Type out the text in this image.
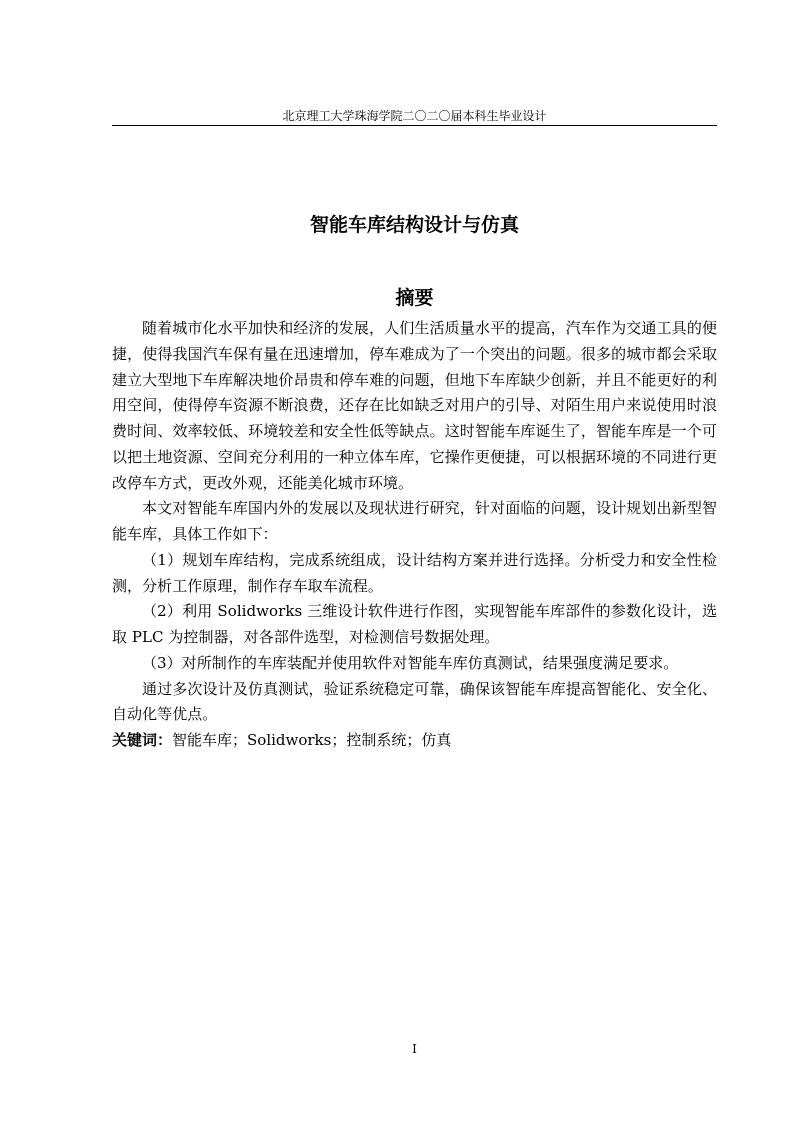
北京理工大学珠海学院二〇二〇届本科生毕业设计
智能车库结构设计与仿真
摘要

随着城市化水平加快和经济的发展，人们生活质量水平的提高，汽车作为交通工具的便捷，使得我国汽车保有量在迅速增加，停车难成为了一个突出的问题。很多的城市都会采取建立大型地下车库解决地价昂贵和停车难的问题，但地下车库缺少创新，并且不能更好的利用空间，使得停车资源不断浪费，还存在比如缺乏对用户的引导、对陌生用户来说使用时浪费时间、效率较低、环境较差和安全性低等缺点。这时智能车库诞生了，智能车库是一个可以把土地资源、空间充分利用的一种立体车库，它操作更便捷，可以根据环境的不同进行更改停车方式，更改外观，还能美化城市环境。

本文对智能车库国内外的发展以及现状进行研究，针对面临的问题，设计规划出新型智能车库，具体工作如下：

（1）规划车库结构，完成系统组成，设计结构方案并进行选择。分析受力和安全性检测，分析工作原理，制作存车取车流程。

（2）利用 Solidworks 三维设计软件进行作图，实现智能车库部件的参数化设计，选取 PLC 为控制器，对各部件选型，对检测信号数据处理。

（3）对所制作的车库装配并使用软件对智能车库仿真测试，结果强度满足要求。

通过多次设计及仿真测试，验证系统稳定可靠，确保该智能车库提高智能化、安全化、自动化等优点。

关键词：智能车库；Solidworks；控制系统；仿真

I
